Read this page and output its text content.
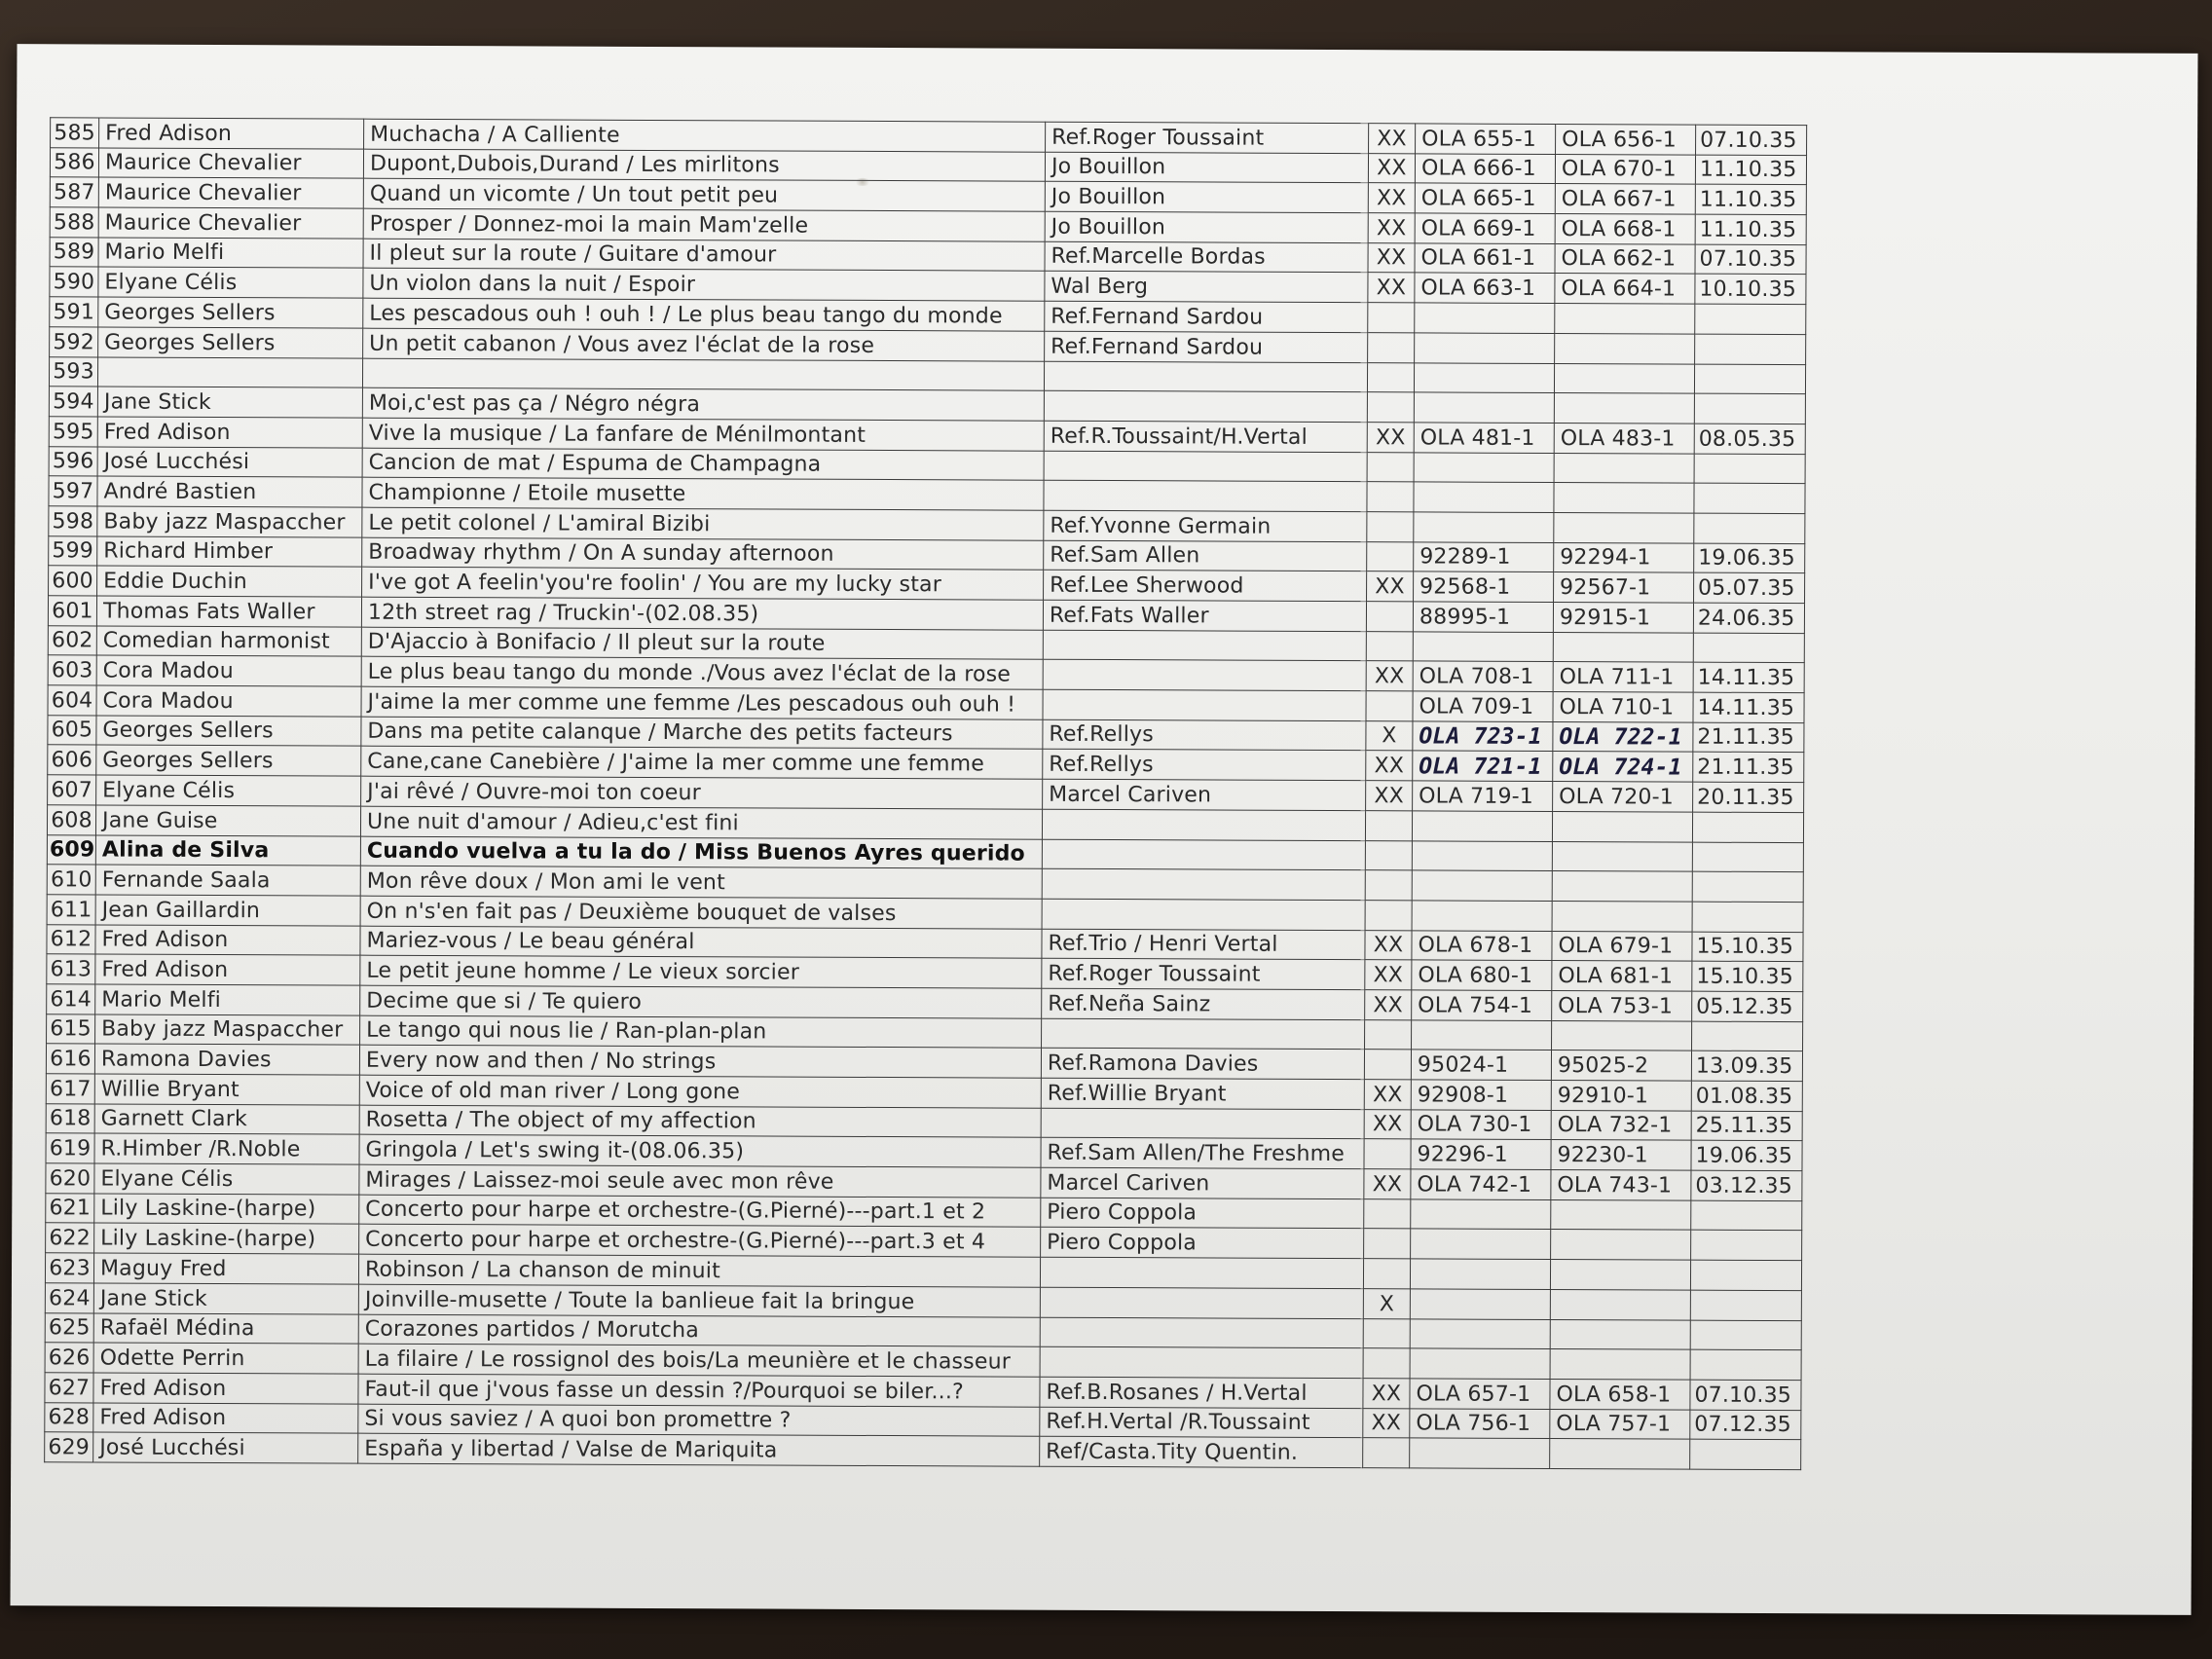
585	Fred Adison	Muchacha / A Calliente	Ref.Roger Toussaint	XX	OLA 655-1	OLA 656-1	07.10.35
586	Maurice Chevalier	Dupont,Dubois,Durand / Les mirlitons	Jo Bouillon	XX	OLA 666-1	OLA 670-1	11.10.35
587	Maurice Chevalier	Quand un vicomte / Un tout petit peu	Jo Bouillon	XX	OLA 665-1	OLA 667-1	11.10.35
588	Maurice Chevalier	Prosper / Donnez-moi la main Mam'zelle	Jo Bouillon	XX	OLA 669-1	OLA 668-1	11.10.35
589	Mario Melfi	Il pleut sur la route / Guitare d'amour	Ref.Marcelle Bordas	XX	OLA 661-1	OLA 662-1	07.10.35
590	Elyane Célis	Un violon dans la nuit / Espoir	Wal Berg	XX	OLA 663-1	OLA 664-1	10.10.35
591	Georges Sellers	Les pescadous ouh ! ouh ! / Le plus beau tango du monde	Ref.Fernand Sardou				
592	Georges Sellers	Un petit cabanon / Vous avez l'éclat de la rose	Ref.Fernand Sardou				
593							
594	Jane Stick	Moi,c'est pas ça / Négro négra					
595	Fred Adison	Vive la musique / La fanfare de Ménilmontant	Ref.R.Toussaint/H.Vertal	XX	OLA 481-1	OLA 483-1	08.05.35
596	José Lucchési	Cancion de mat / Espuma de Champagna					
597	André Bastien	Championne / Etoile musette					
598	Baby jazz Maspaccher	Le petit colonel / L'amiral Bizibi	Ref.Yvonne Germain				
599	Richard Himber	Broadway rhythm / On A sunday afternoon	Ref.Sam Allen		92289-1	92294-1	19.06.35
600	Eddie Duchin	I've got A feelin'you're foolin' / You are my lucky star	Ref.Lee Sherwood	XX	92568-1	92567-1	05.07.35
601	Thomas Fats Waller	12th street rag / Truckin'-(02.08.35)	Ref.Fats Waller		88995-1	92915-1	24.06.35
602	Comedian harmonist	D'Ajaccio à Bonifacio / Il pleut sur la route					
603	Cora Madou	Le plus beau tango du monde ./Vous avez l'éclat de la rose		XX	OLA 708-1	OLA 711-1	14.11.35
604	Cora Madou	J'aime la mer comme une femme /Les pescadous ouh ouh !			OLA 709-1	OLA 710-1	14.11.35
605	Georges Sellers	Dans ma petite calanque / Marche des petits facteurs	Ref.Rellys	X	OLA 723-1	OLA 722-1	21.11.35
606	Georges Sellers	Cane,cane Canebière / J'aime la mer comme une femme	Ref.Rellys	XX	OLA 721-1	OLA 724-1	21.11.35
607	Elyane Célis	J'ai rêvé / Ouvre-moi ton coeur	Marcel Cariven	XX	OLA 719-1	OLA 720-1	20.11.35
608	Jane Guise	Une nuit d'amour / Adieu,c'est fini					
609	Alina de Silva	Cuando vuelva a tu la do / Miss Buenos Ayres querido					
610	Fernande Saala	Mon rêve doux / Mon ami le vent					
611	Jean Gaillardin	On n's'en fait pas / Deuxième bouquet de valses					
612	Fred Adison	Mariez-vous / Le beau général	Ref.Trio / Henri Vertal	XX	OLA 678-1	OLA 679-1	15.10.35
613	Fred Adison	Le petit jeune homme / Le vieux sorcier	Ref.Roger Toussaint	XX	OLA 680-1	OLA 681-1	15.10.35
614	Mario Melfi	Decime que si / Te quiero	Ref.Neña Sainz	XX	OLA 754-1	OLA 753-1	05.12.35
615	Baby jazz Maspaccher	Le tango qui nous lie / Ran-plan-plan					
616	Ramona Davies	Every now and then / No strings	Ref.Ramona Davies		95024-1	95025-2	13.09.35
617	Willie Bryant	Voice of old man river / Long gone	Ref.Willie Bryant	XX	92908-1	92910-1	01.08.35
618	Garnett Clark	Rosetta / The object of my affection		XX	OLA 730-1	OLA 732-1	25.11.35
619	R.Himber /R.Noble	Gringola / Let's swing it-(08.06.35)	Ref.Sam Allen/The Freshme		92296-1	92230-1	19.06.35
620	Elyane Célis	Mirages / Laissez-moi seule avec mon rêve	Marcel Cariven	XX	OLA 742-1	OLA 743-1	03.12.35
621	Lily Laskine-(harpe)	Concerto pour harpe et orchestre-(G.Pierné)---part.1 et 2	Piero Coppola				
622	Lily Laskine-(harpe)	Concerto pour harpe et orchestre-(G.Pierné)---part.3 et 4	Piero Coppola				
623	Maguy Fred	Robinson / La chanson de minuit					
624	Jane Stick	Joinville-musette / Toute la banlieue fait la bringue		X			
625	Rafaël Médina	Corazones partidos / Morutcha					
626	Odette Perrin	La filaire / Le rossignol des bois/La meunière et le chasseur					
627	Fred Adison	Faut-il que j'vous fasse un dessin ?/Pourquoi se biler...?	Ref.B.Rosanes / H.Vertal	XX	OLA 657-1	OLA 658-1	07.10.35
628	Fred Adison	Si vous saviez / A quoi bon promettre ?	Ref.H.Vertal /R.Toussaint	XX	OLA 756-1	OLA 757-1	07.12.35
629	José Lucchési	España y libertad / Valse de Mariquita	Ref/Casta.Tity Quentin.				
